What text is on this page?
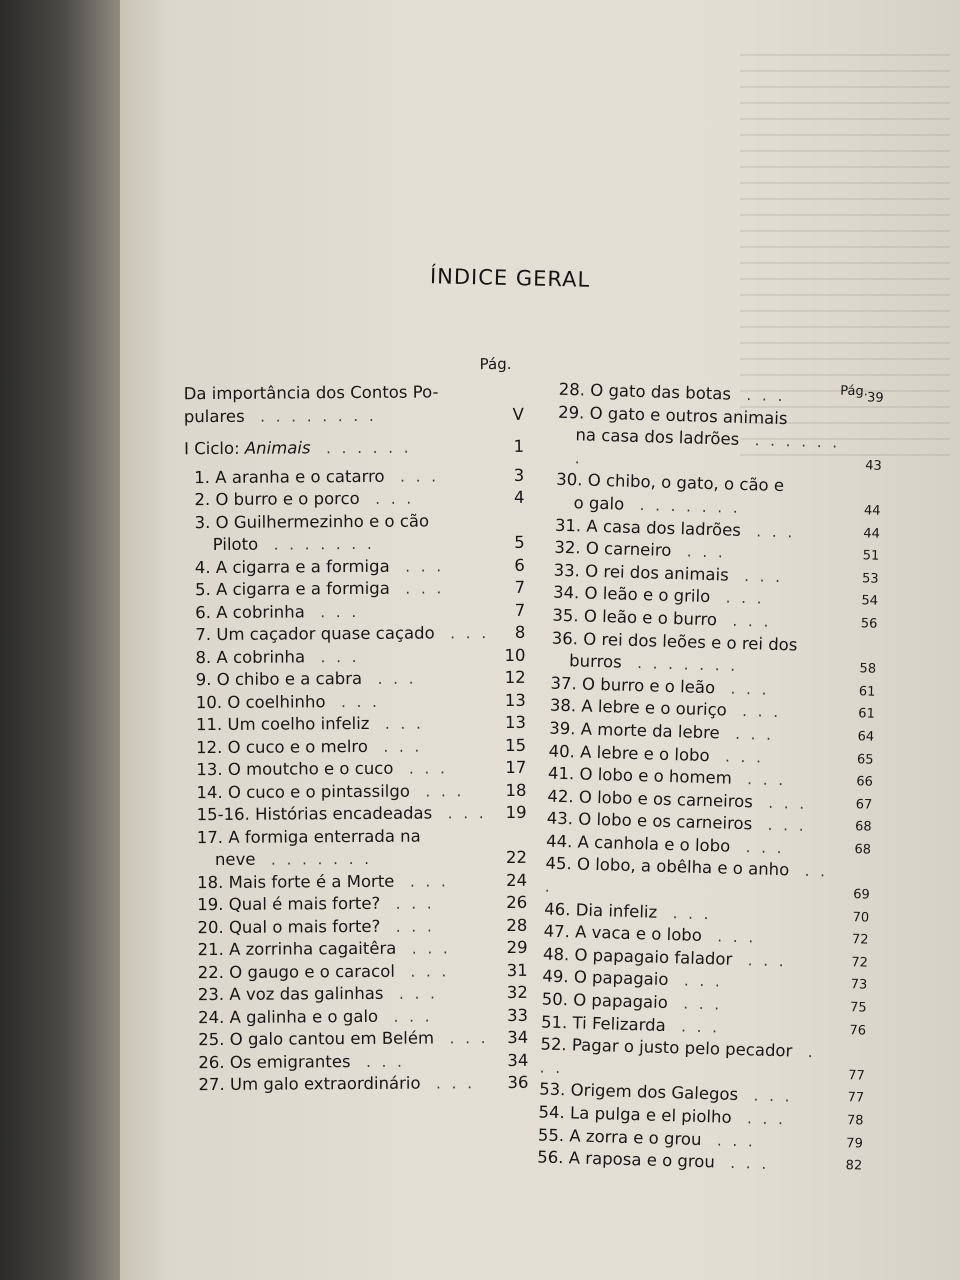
ÍNDICE GERAL
Pág.
Da importância dos Contos Po-
pulares  . . . . . . . .	V
I Ciclo: Animais  . . . . . .	1
1. A aranha e o catarro  . . .	3
2. O burro e o porco  . . .	4
3. O Guilhermezinho e o cão
Piloto  . . . . . . .	5
4. A cigarra e a formiga  . . .	6
5. A cigarra e a formiga  . . .	7
6. A cobrinha  . . .	7
7. Um caçador quase caçado  . . .	8
8. A cobrinha  . . .	10
9. O chibo e a cabra  . . .	12
10. O coelhinho  . . .	13
11. Um coelho infeliz  . . .	13
12. O cuco e o melro  . . .	15
13. O moutcho e o cuco  . . .	17
14. O cuco e o pintassilgo  . . .	18
15-16. Histórias encadeadas  . . .	19
17. A formiga enterrada na
neve  . . . . . . .	22
18. Mais forte é a Morte  . . .	24
19. Qual é mais forte?  . . .	26
20. Qual o mais forte?  . . .	28
21. A zorrinha cagaitêra  . . .	29
22. O gaugo e o caracol  . . .	31
23. A voz das galinhas  . . .	32
24. A galinha e o galo  . . .	33
25. O galo cantou em Belém  . . .	34
26. Os emigrantes  . . .	34
27. Um galo extraordinário  . . .	36
Pág.
28. O gato das botas  . . .	39
29. O gato e outros animais
na casa dos ladrões  . . . . . . .	43
30. O chibo, o gato, o cão e
o galo  . . . . . . .	44
31. A casa dos ladrões  . . .	44
32. O carneiro  . . .	51
33. O rei dos animais  . . .	53
34. O leão e o grilo  . . .	54
35. O leão e o burro  . . .	56
36. O rei dos leões e o rei dos
burros  . . . . . . .	58
37. O burro e o leão  . . .	61
38. A lebre e o ouriço  . . .	61
39. A morte da lebre  . . .	64
40. A lebre e o lobo  . . .	65
41. O lobo e o homem  . . .	66
42. O lobo e os carneiros  . . .	67
43. O lobo e os carneiros  . . .	68
44. A canhola e o lobo  . . .	68
45. O lobo, a obêlha e o anho  . . .	69
46. Dia infeliz  . . .	70
47. A vaca e o lobo  . . .	72
48. O papagaio falador  . . .	72
49. O papagaio  . . .	73
50. O papagaio  . . .	75
51. Ti Felizarda  . . .	76
52. Pagar o justo pelo pecador  . . .	77
53. Origem dos Galegos  . . .	77
54. La pulga e el piolho  . . .	78
55. A zorra e o grou  . . .	79
56. A raposa e o grou  . . .	82
